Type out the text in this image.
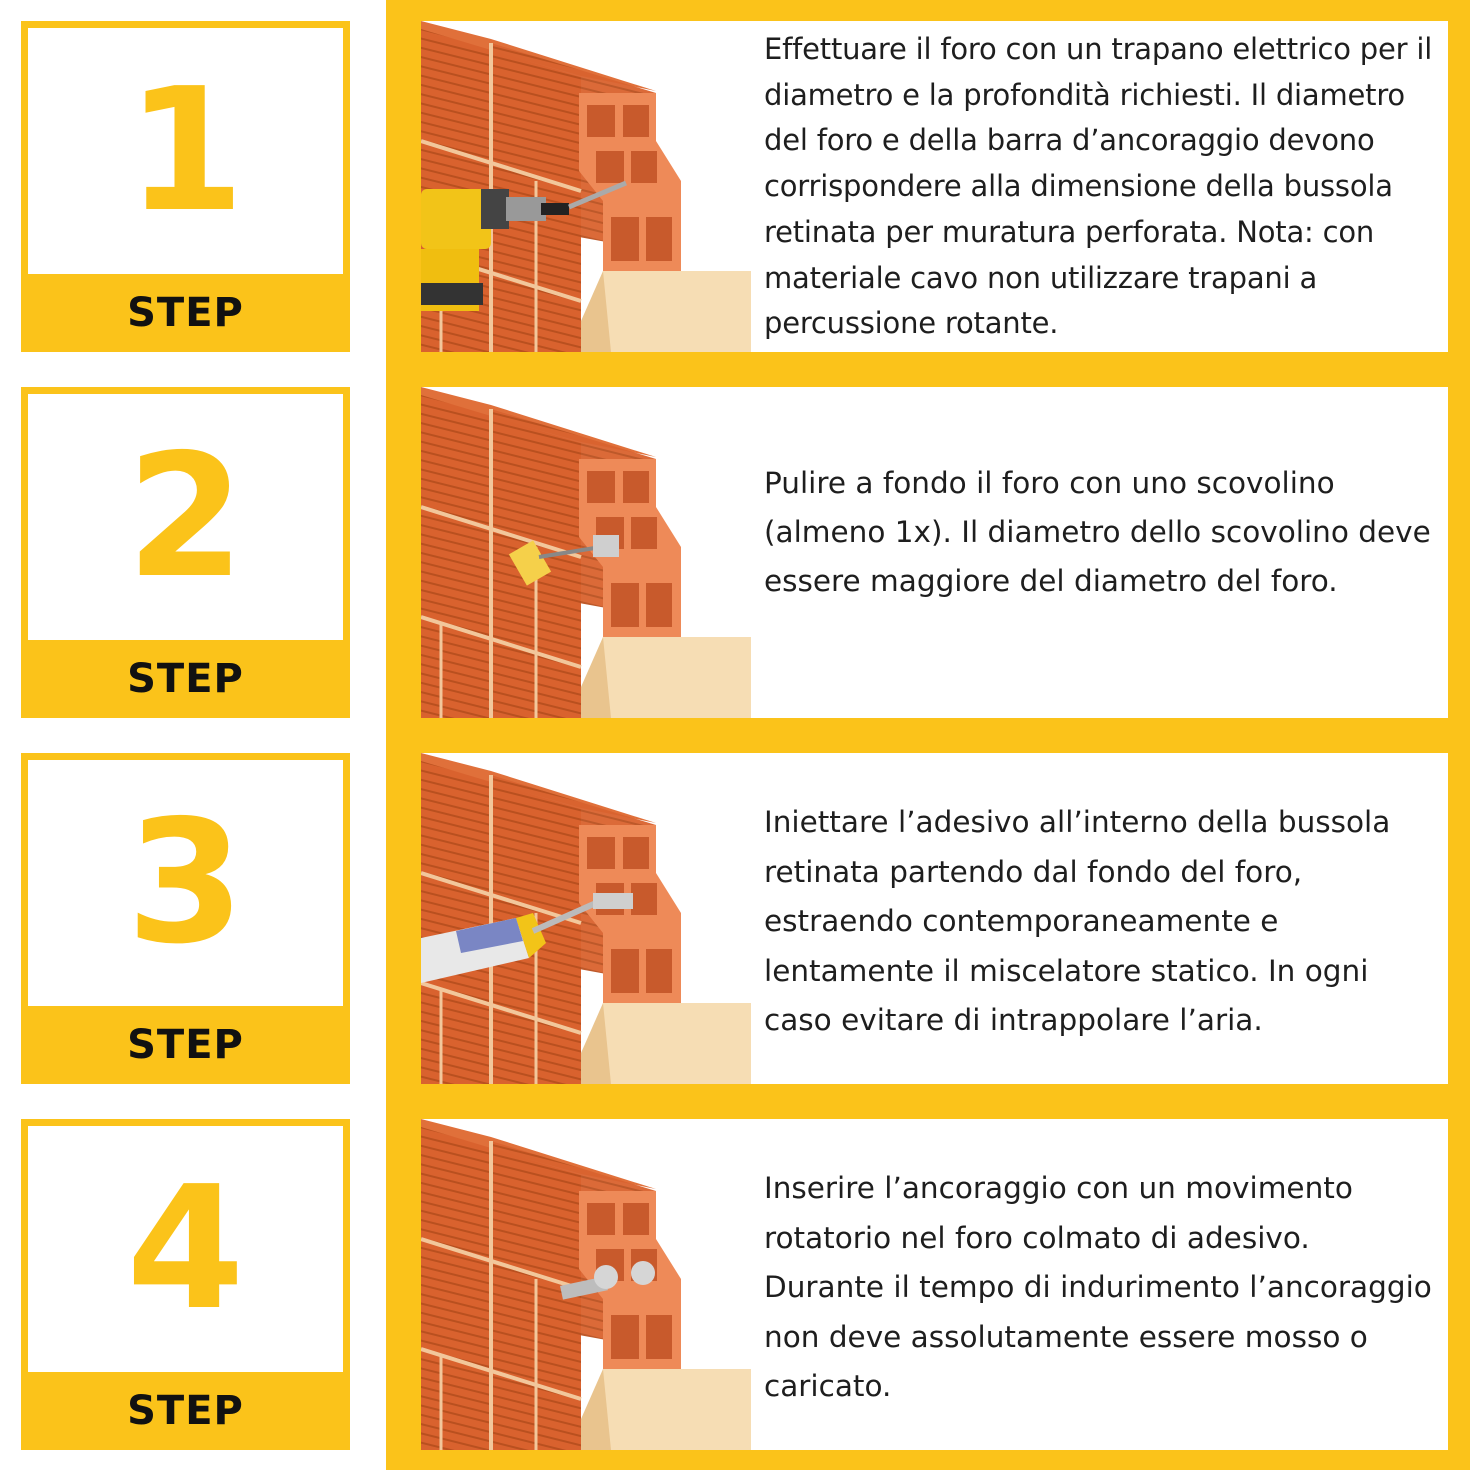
1
STEP
Effettuare il foro con un trapano elettrico per il diametro e la profondità richiesti. Il diametro del foro e della barra d’ancoraggio devono corrispondere alla dimensione della bussola retinata per muratura perforata. Nota: con materiale cavo non utilizzare trapani a percussione rotante.
2
STEP
Pulire a fondo il foro con uno scovolino (almeno 1x). Il diametro dello scovolino deve essere maggiore del diametro del foro.
3
STEP
Iniettare l’adesivo all’interno della bussola retinata partendo dal fondo del foro, estraendo contemporaneamente e lentamente il miscelatore statico. In ogni caso evitare di intrappolare l’aria.
4
STEP
Inserire l’ancoraggio con un movimento rotatorio nel foro colmato di adesivo. Durante il tempo di indurimento l’ancoraggio non deve assolutamente essere mosso o caricato.
